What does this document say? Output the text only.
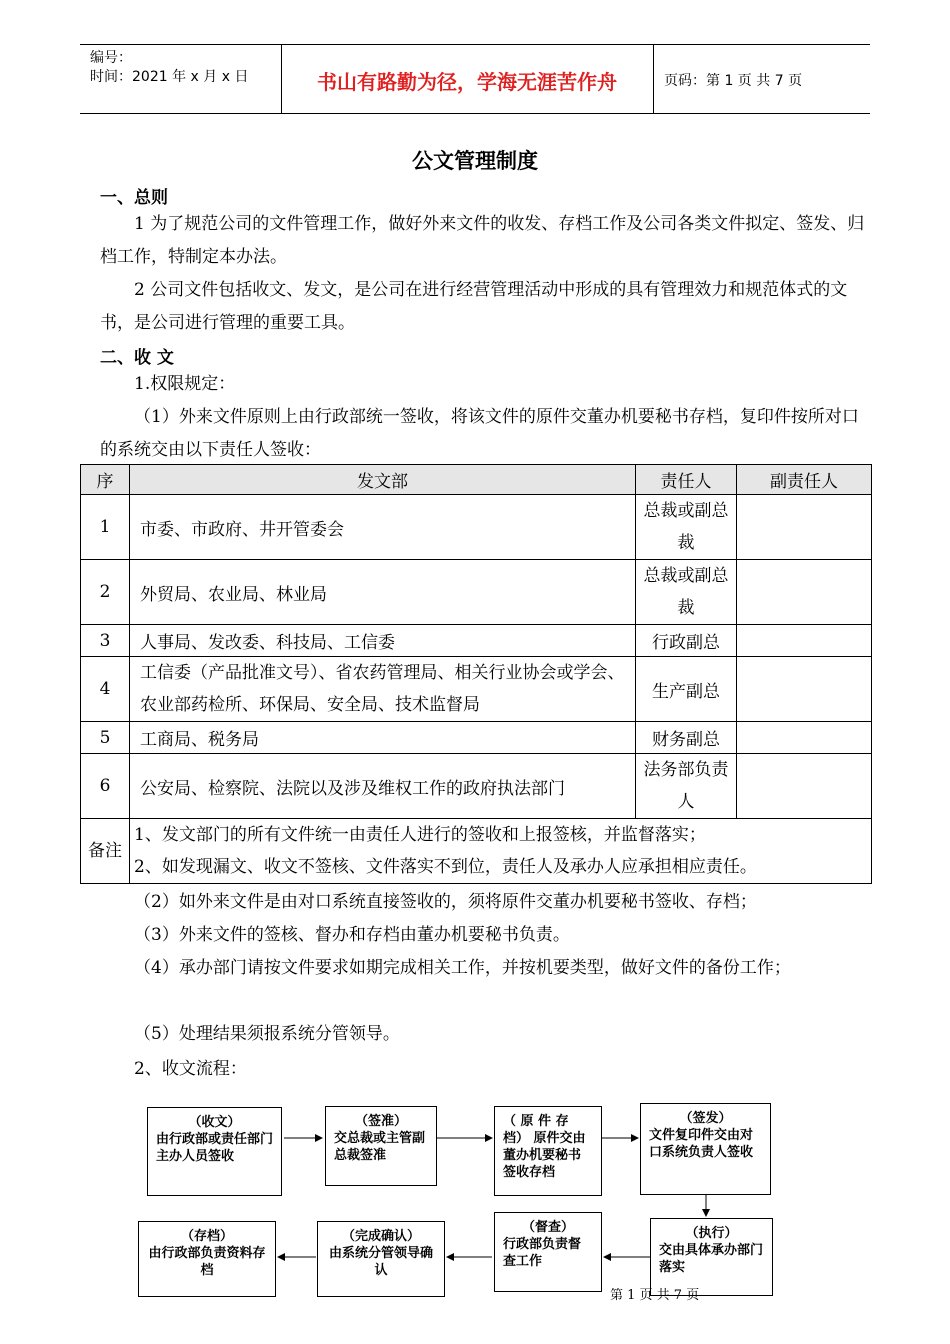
编号：
时间：2021 年 x 月 x 日	书山有路勤为径，学海无涯苦作舟	页码：第 1 页 共 7 页
公文管理制度
一、总则

1 为了规范公司的文件管理工作，做好外来文件的收发、存档工作及公司各类文件拟定、签发、归档工作，特制定本办法。

2 公司文件包括收文、发文，是公司在进行经营管理活动中形成的具有管理效力和规范体式的文书，是公司进行管理的重要工具。

二、收 文

1.权限规定：

（1）外来文件原则上由行政部统一签收，将该文件的原件交董办机要秘书存档，复印件按所对口的系统交由以下责任人签收：

序	发文部	责任人	副责任人
1	市委、市政府、井开管委会	总裁或副总裁	
2	外贸局、农业局、林业局	总裁或副总裁	
3	人事局、发改委、科技局、工信委	行政副总	
4	工信委（产品批准文号）、省农药管理局、相关行业协会或学会、农业部药检所、环保局、安全局、技术监督局	生产副总	
5	工商局、税务局	财务副总	
6	公安局、检察院、法院以及涉及维权工作的政府执法部门	法务部负责人	
备注	1、发文部门的所有文件统一由责任人进行的签收和上报签核，并监督落实；
2、如发现漏文、收文不签核、文件落实不到位，责任人及承办人应承担相应责任。		

（2）如外来文件是由对口系统直接签收的，须将原件交董办机要秘书签收、存档；

（3）外来文件的签核、督办和存档由董办机要秘书负责。

（4）承办部门请按文件要求如期完成相关工作，并按机要类型，做好文件的备份工作；

（5）处理结果须报系统分管领导。

2、收文流程：

（收文）
由行政部或责任部门主办人员签收
（签准）
交总裁或主管副总裁签准
（ 原 件 存 档） 原件交由董办机要秘书签收存档
（签发）
文件复印件交由对口系统负责人签收
（执行）
交由具体承办部门落实
（督查）
行政部负责督查工作
（完成确认）
由系统分管领导确认
（存档）
由行政部负责资料存档
第 1 页 共 7 页
